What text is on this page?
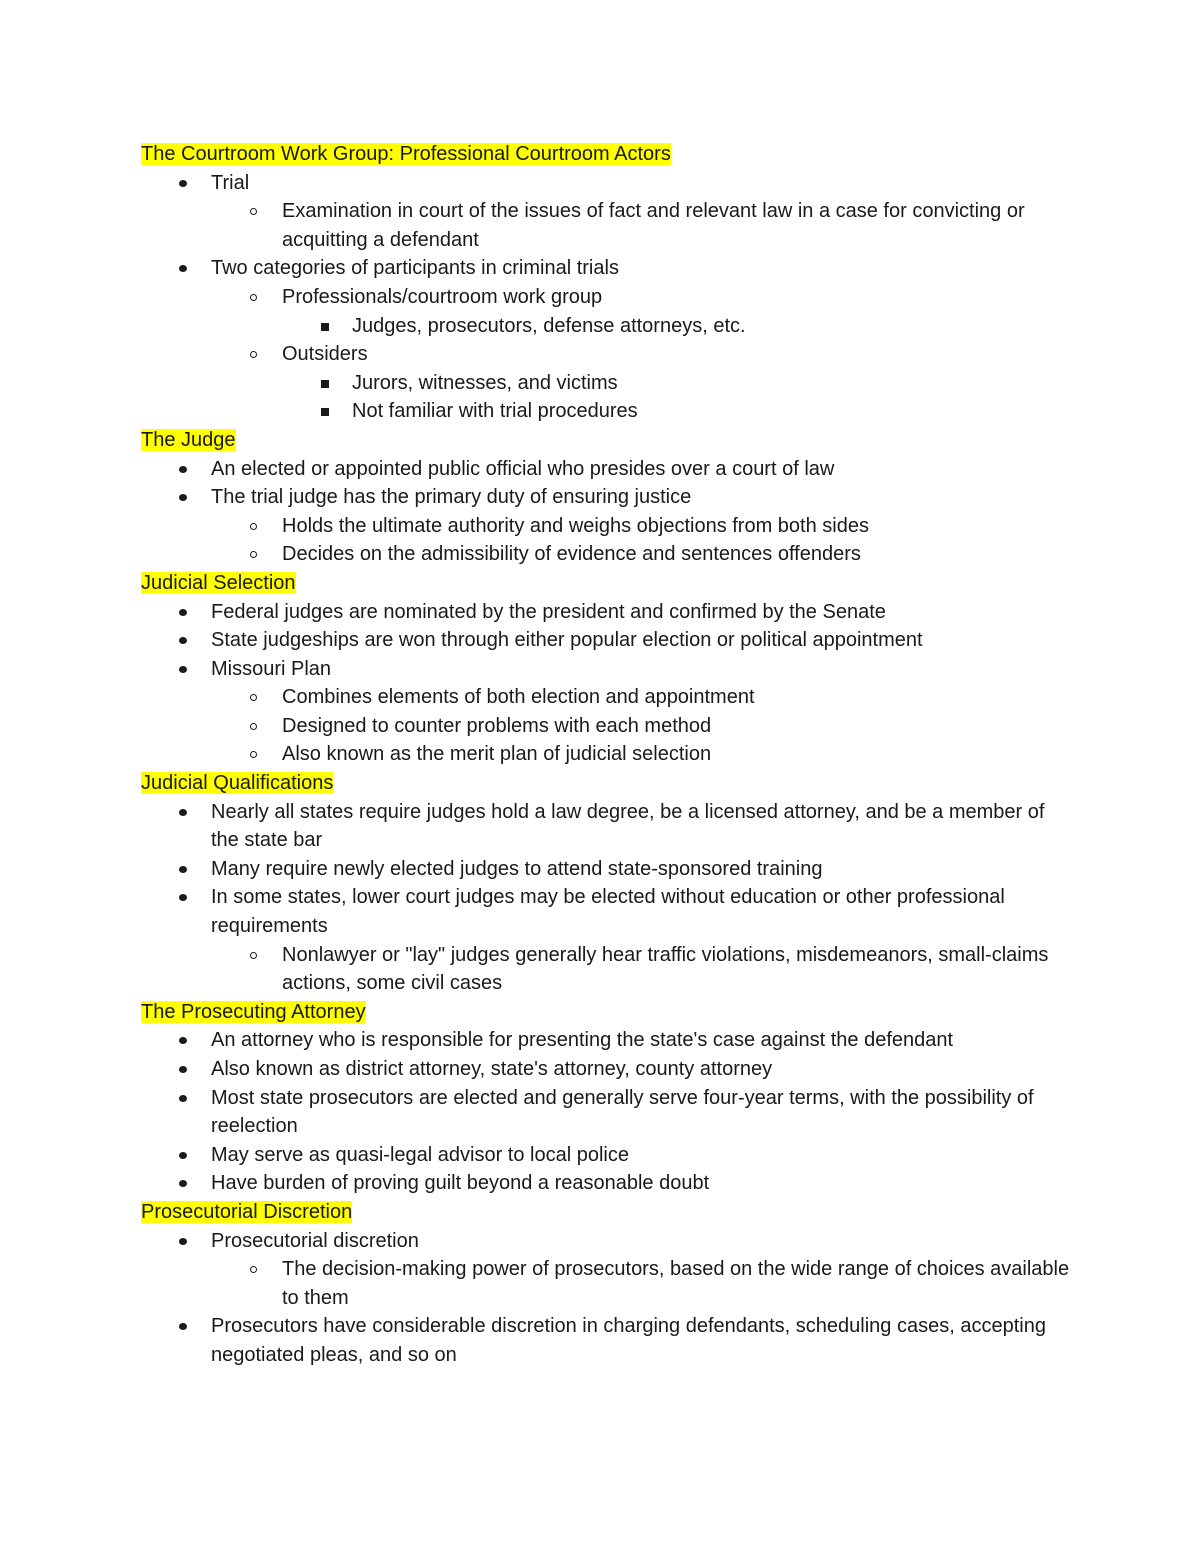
The Courtroom Work Group: Professional Courtroom Actors
Trial
Examination in court of the issues of fact and relevant law in a case for convicting or acquitting a defendant
Two categories of participants in criminal trials
Professionals/courtroom work group
Judges, prosecutors, defense attorneys, etc.
Outsiders
Jurors, witnesses, and victims
Not familiar with trial procedures
The Judge
An elected or appointed public official who presides over a court of law
The trial judge has the primary duty of ensuring justice
Holds the ultimate authority and weighs objections from both sides
Decides on the admissibility of evidence and sentences offenders
Judicial Selection
Federal judges are nominated by the president and confirmed by the Senate
State judgeships are won through either popular election or political appointment
Missouri Plan
Combines elements of both election and appointment
Designed to counter problems with each method
Also known as the merit plan of judicial selection
Judicial Qualifications
Nearly all states require judges hold a law degree, be a licensed attorney, and be a member of the state bar
Many require newly elected judges to attend state-sponsored training
In some states, lower court judges may be elected without education or other professional requirements
Nonlawyer or "lay" judges generally hear traffic violations, misdemeanors, small-claims actions, some civil cases
The Prosecuting Attorney
An attorney who is responsible for presenting the state's case against the defendant
Also known as district attorney, state's attorney, county attorney
Most state prosecutors are elected and generally serve four-year terms, with the possibility of reelection
May serve as quasi-legal advisor to local police
Have burden of proving guilt beyond a reasonable doubt
Prosecutorial Discretion
Prosecutorial discretion
The decision-making power of prosecutors, based on the wide range of choices available to them
Prosecutors have considerable discretion in charging defendants, scheduling cases, accepting negotiated pleas, and so on
